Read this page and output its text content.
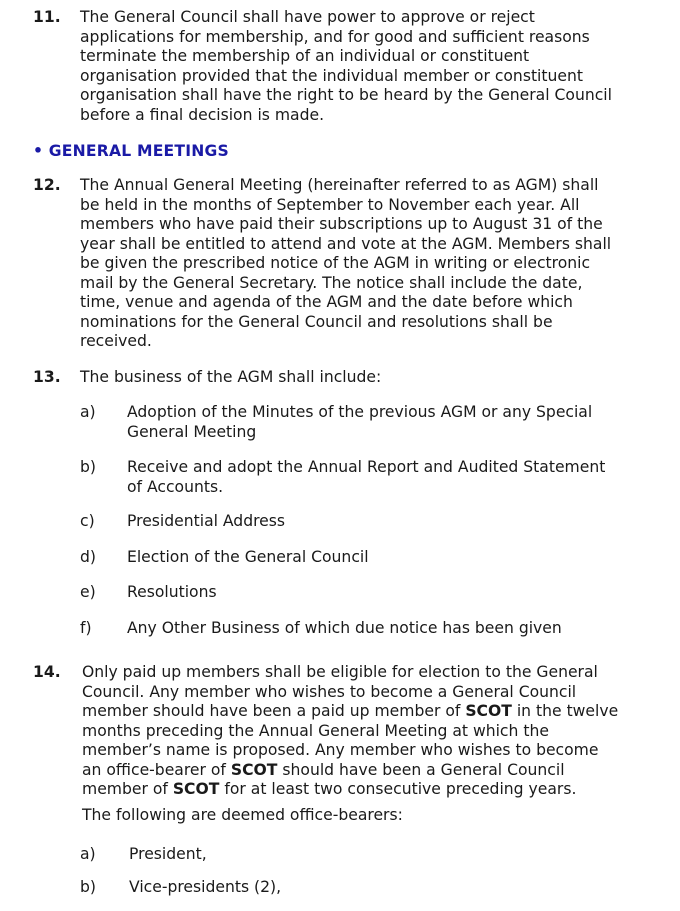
11.	The General Council shall have power to approve or reject
applications for membership, and for good and sufficient reasons
terminate the membership of an individual or constituent
organisation provided that the individual member or constituent
organisation shall have the right to be heard by the General Council
before a final decision is made.
• GENERAL MEETINGS
12.	The Annual General Meeting (hereinafter referred to as AGM) shall
be held in the months of September to November each year. All
members who have paid their subscriptions up to August 31 of the
year shall be entitled to attend and vote at the AGM. Members shall
be given the prescribed notice of the AGM in writing or electronic
mail by the General Secretary. The notice shall include the date,
time, venue and agenda of the AGM and the date before which
nominations for the General Council and resolutions shall be
received.
13.	The business of the AGM shall include:
a) Adoption of the Minutes of the previous AGM or any Special
General Meeting
b) Receive and adopt the Annual Report and Audited Statement
of Accounts.
c) Presidential Address
d) Election of the General Council
e) Resolutions
f) Any Other Business of which due notice has been given
14.	Only paid up members shall be eligible for election to the General
Council. Any member who wishes to become a General Council
member should have been a paid up member of SCOT in the twelve
months preceding the Annual General Meeting at which the
member’s name is proposed. Any member who wishes to become
an office-bearer of SCOT should have been a General Council
member of SCOT for at least two consecutive preceding years.
The following are deemed office-bearers:
a) President,
b) Vice-presidents (2),
